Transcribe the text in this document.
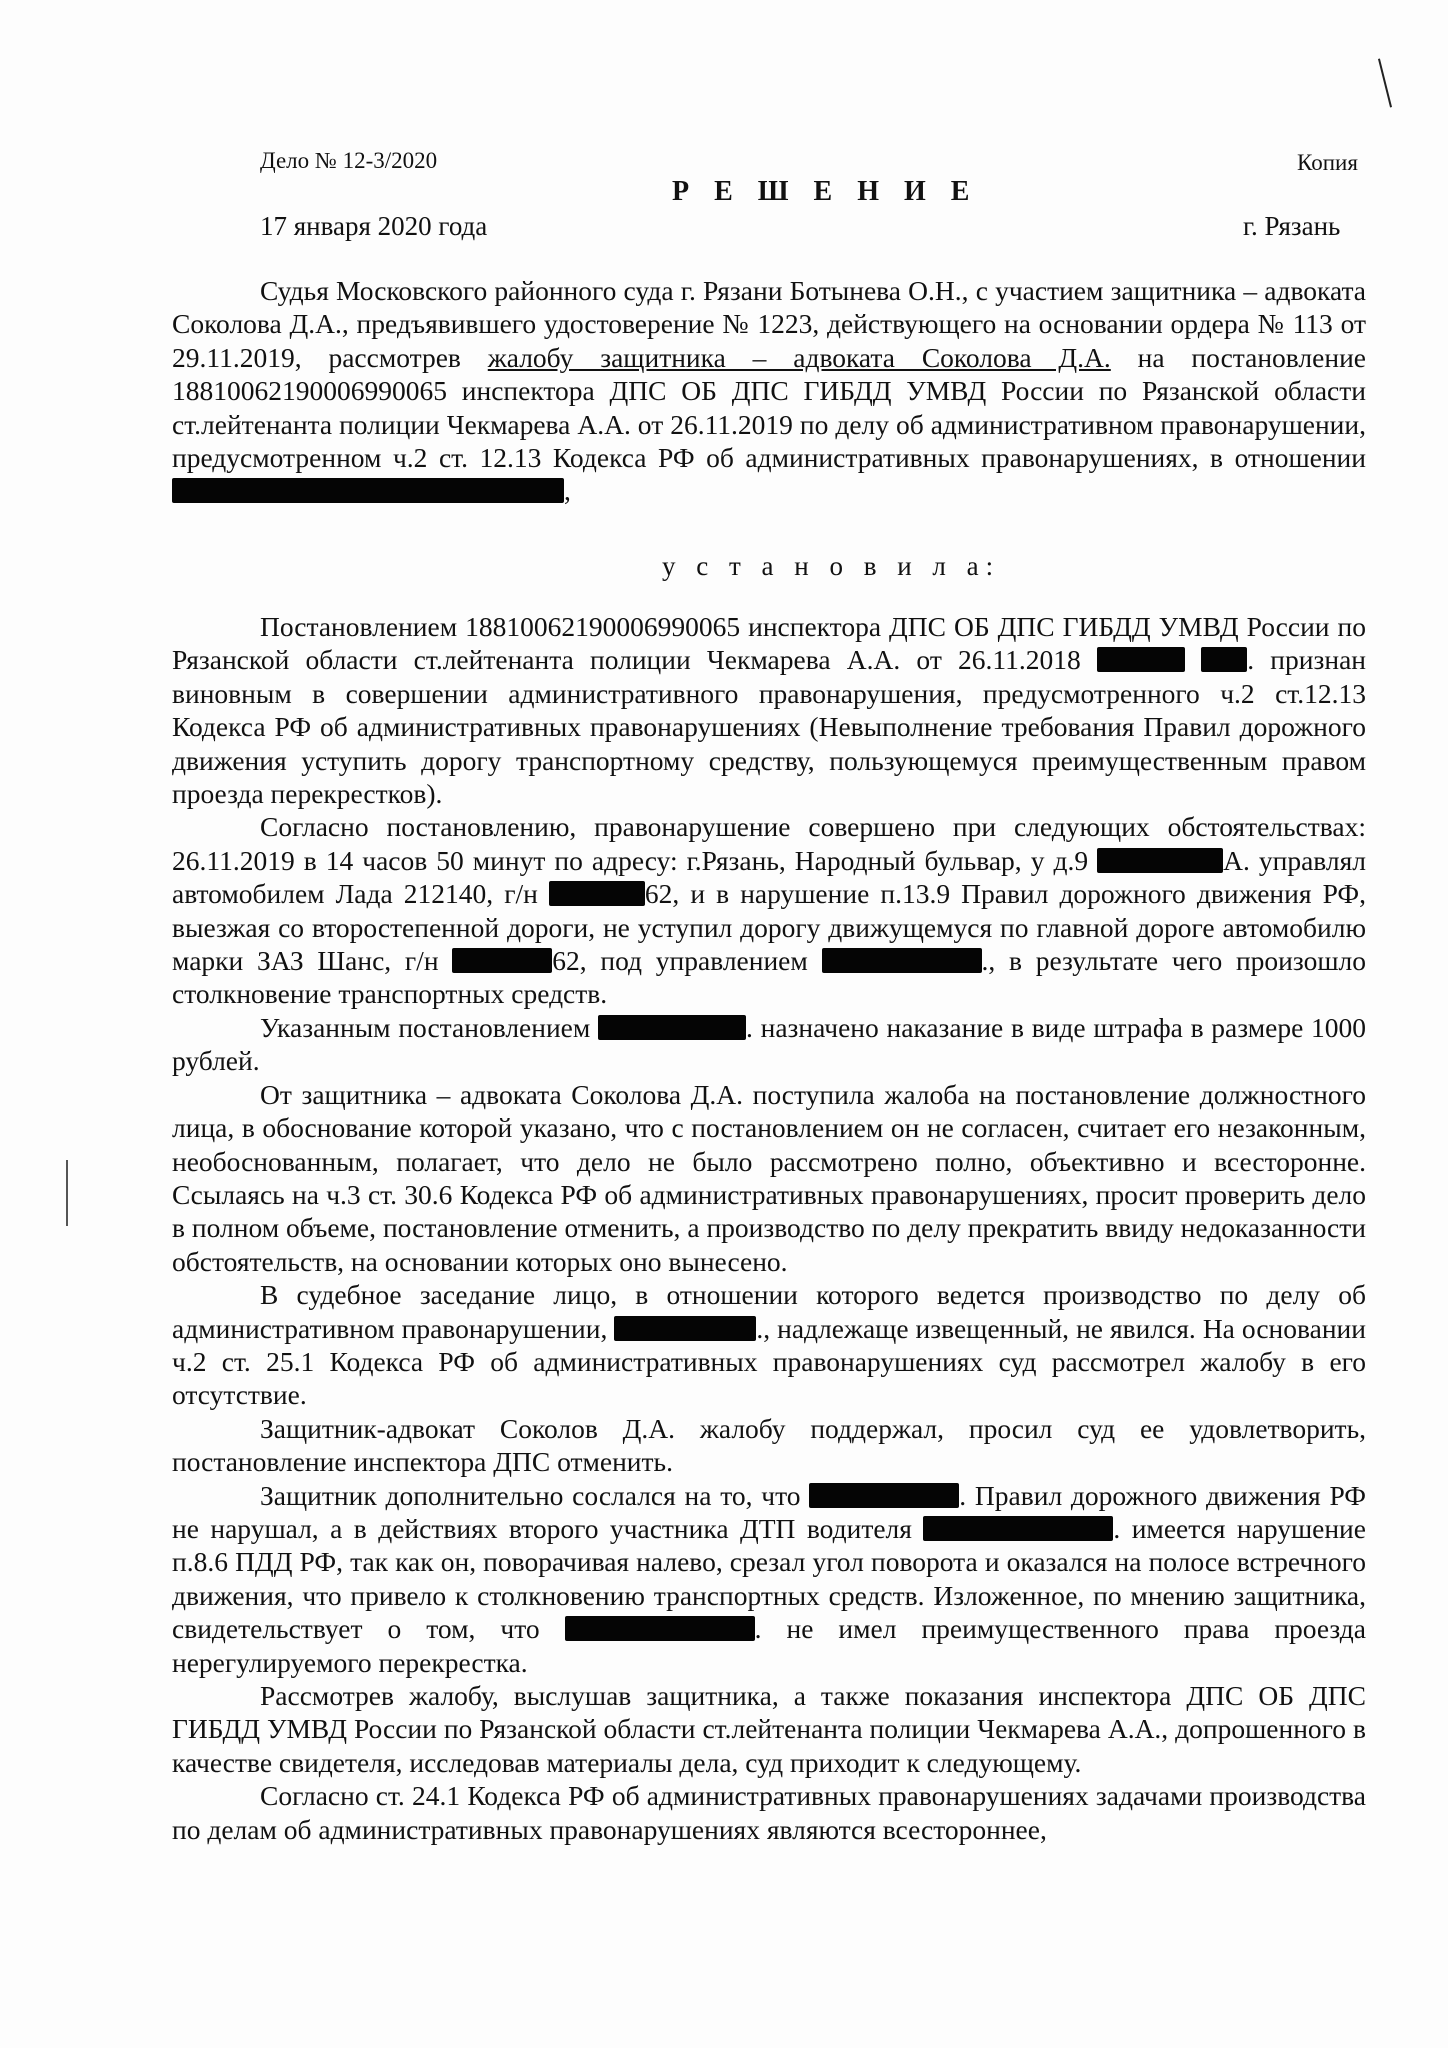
Дело № 12-3/2020	Копия
Р Е Ш Е Н И Е
17 января 2020 года	г. Рязань

Судья Московского районного суда г. Рязани Ботынева О.Н., с участием защитника – адвоката Соколова Д.А., предъявившего удостоверение № 1223, действующего на основании ордера № 113 от 29.11.2019, рассмотрев жалобу защитника – адвоката Соколова Д.А. на постановление 18810062190006990065 инспектора ДПС ОБ ДПС ГИБДД УМВД России по Рязанской области ст.лейтенанта полиции Чекмарева А.А. от 26.11.2019 по делу об административном правонарушении, предусмотренном ч.2 ст. 12.13 Кодекса РФ об административных правонарушениях, в отношении ,

у с т а н о в и л а:

Постановлением 18810062190006990065 инспектора ДПС ОБ ДПС ГИБДД УМВД России по Рязанской области ст.лейтенанта полиции Чекмарева А.А. от 26.11.2018	. признан виновным в совершении административного правонарушения, предусмотренного ч.2 ст.12.13 Кодекса РФ об административных правонарушениях (Невыполнение требования Правил дорожного движения уступить дорогу транспортному средству, пользующемуся преимущественным правом проезда перекрестков).

Согласно постановлению, правонарушение совершено при следующих обстоятельствах: 26.11.2019 в 14 часов 50 минут по адресу: г.Рязань, Народный бульвар, у д.9	А. управлял автомобилем Лада 212140, г/н	62, и в нарушение п.13.9 Правил дорожного движения РФ, выезжая со второстепенной дороги, не уступил дорогу движущемуся по главной дороге автомобилю марки ЗАЗ Шанс, г/н	62, под управлением	., в результате чего произошло столкновение транспортных средств.

Указанным постановлением	. назначено наказание в виде штрафа в размере 1000 рублей.

От защитника – адвоката Соколова Д.А. поступила жалоба на постановление должностного лица, в обоснование которой указано, что с постановлением он не согласен, считает его незаконным, необоснованным, полагает, что дело не было рассмотрено полно, объективно и всесторонне. Ссылаясь на ч.3 ст. 30.6 Кодекса РФ об административных правонарушениях, просит проверить дело в полном объеме, постановление отменить, а производство по делу прекратить ввиду недоказанности обстоятельств, на основании которых оно вынесено.

В судебное заседание лицо, в отношении которого ведется производство по делу об административном правонарушении,	., надлежаще извещенный, не явился. На основании ч.2 ст. 25.1 Кодекса РФ об административных правонарушениях суд рассмотрел жалобу в его отсутствие.

Защитник-адвокат Соколов Д.А. жалобу поддержал, просил суд ее удовлетворить, постановление инспектора ДПС отменить.

Защитник дополнительно сослался на то, что	. Правил дорожного движения РФ не нарушал, а в действиях второго участника ДТП водителя	. имеется нарушение п.8.6 ПДД РФ, так как он, поворачивая налево, срезал угол поворота и оказался на полосе встречного движения, что привело к столкновению транспортных средств. Изложенное, по мнению защитника, свидетельствует о том, что	. не имел преимущественного права проезда нерегулируемого перекрестка.

Рассмотрев жалобу, выслушав защитника, а также показания инспектора ДПС ОБ ДПС ГИБДД УМВД России по Рязанской области ст.лейтенанта полиции Чекмарева А.А., допрошенного в качестве свидетеля, исследовав материалы дела, суд приходит к следующему.

Согласно ст. 24.1 Кодекса РФ об административных правонарушениях задачами производства по делам об административных правонарушениях являются всестороннее,
